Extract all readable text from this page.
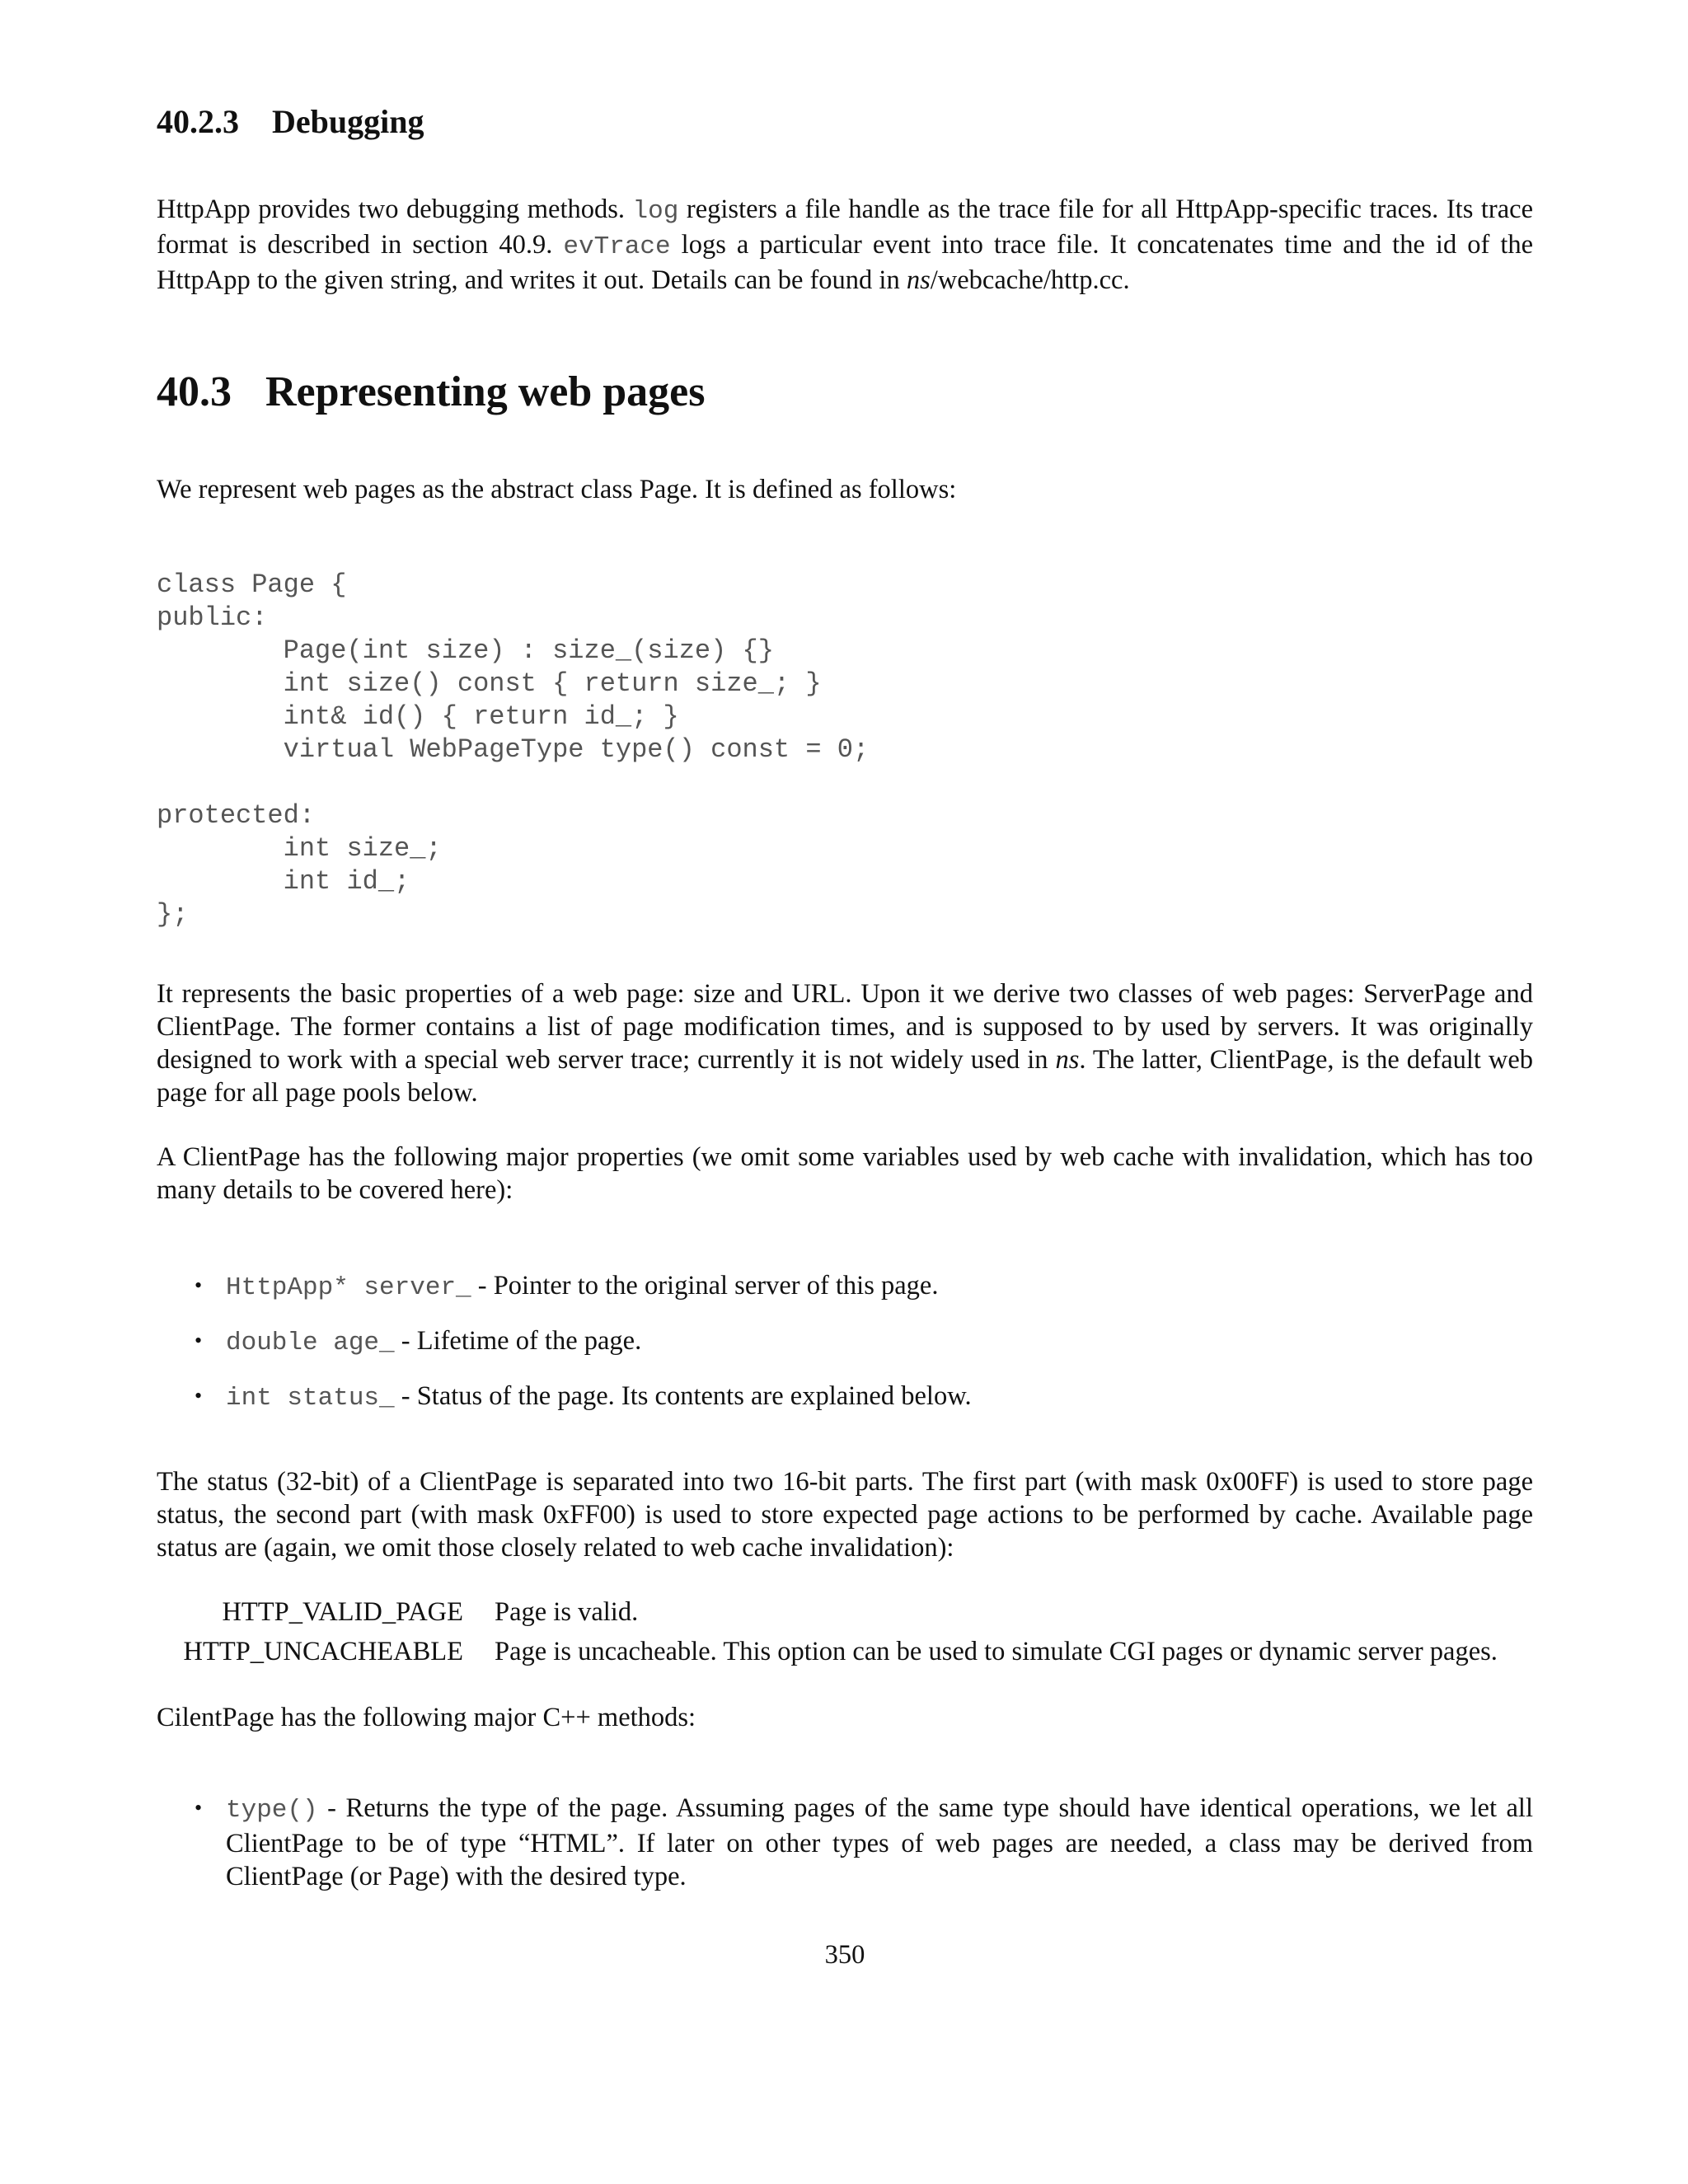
40.2.3 Debugging

HttpApp provides two debugging methods. log registers a file handle as the trace file for all HttpApp-specific traces. Its trace format is described in section 40.9. evTrace logs a particular event into trace file. It concatenates time and the id of the HttpApp to the given string, and writes it out. Details can be found in ns/webcache/http.cc.

40.3 Representing web pages

We represent web pages as the abstract class Page. It is defined as follows:

class Page {
public:
Page(int size) : size_(size) {}
int size() const { return size_; }
int& id() { return id_; }
virtual WebPageType type() const = 0;

protected:
int size_;
int id_;
};

It represents the basic properties of a web page: size and URL. Upon it we derive two classes of web pages: ServerPage and ClientPage. The former contains a list of page modification times, and is supposed to by used by servers. It was originally designed to work with a special web server trace; currently it is not widely used in ns. The latter, ClientPage, is the default web page for all page pools below.

A ClientPage has the following major properties (we omit some variables used by web cache with invalidation, which has too many details to be covered here):

• HttpApp* server_ - Pointer to the original server of this page.
• double age_ - Lifetime of the page.
• int status_ - Status of the page. Its contents are explained below.

The status (32-bit) of a ClientPage is separated into two 16-bit parts. The first part (with mask 0x00FF) is used to store page status, the second part (with mask 0xFF00) is used to store expected page actions to be performed by cache. Available page status are (again, we omit those closely related to web cache invalidation):

HTTP_VALID_PAGE	Page is valid.
HTTP_UNCACHEABLE	Page is uncacheable. This option can be used to simulate CGI pages or dynamic server pages.

CilentPage has the following major C++ methods:

• type() - Returns the type of the page. Assuming pages of the same type should have identical operations, we let all ClientPage to be of type “HTML”. If later on other types of web pages are needed, a class may be derived from ClientPage (or Page) with the desired type.

350
